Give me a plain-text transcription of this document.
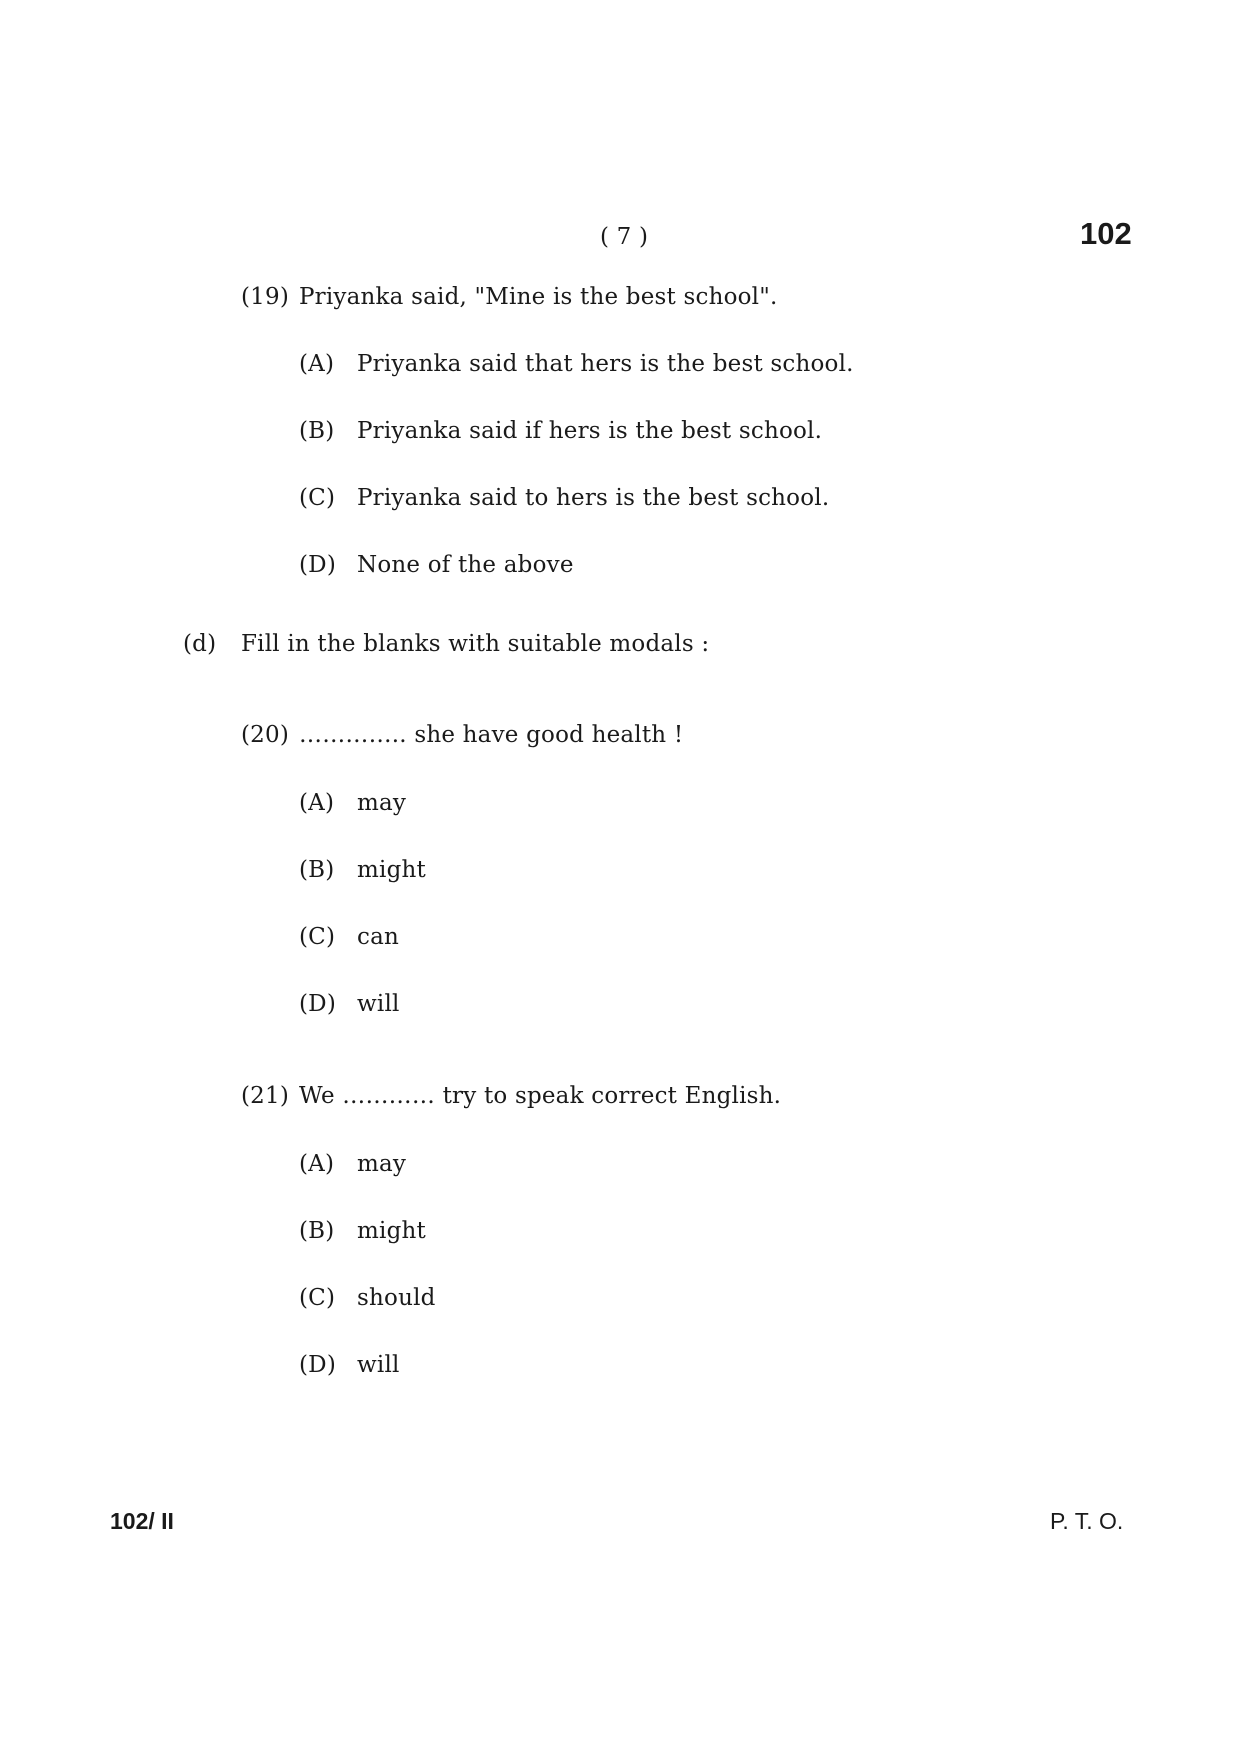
( 7 )	102
(19) Priyanka said, "Mine is the best school".
(A) Priyanka said that hers is the best school.
(B) Priyanka said if hers is the best school.
(C) Priyanka said to hers is the best school.
(D) None of the above
(d) Fill in the blanks with suitable modals :
(20) ………….. she have good health !
(A) may
(B) might
(C) can
(D) will
(21) We ………… try to speak correct English.
(A) may
(B) might
(C) should
(D) will
102/ II	P. T. O.
